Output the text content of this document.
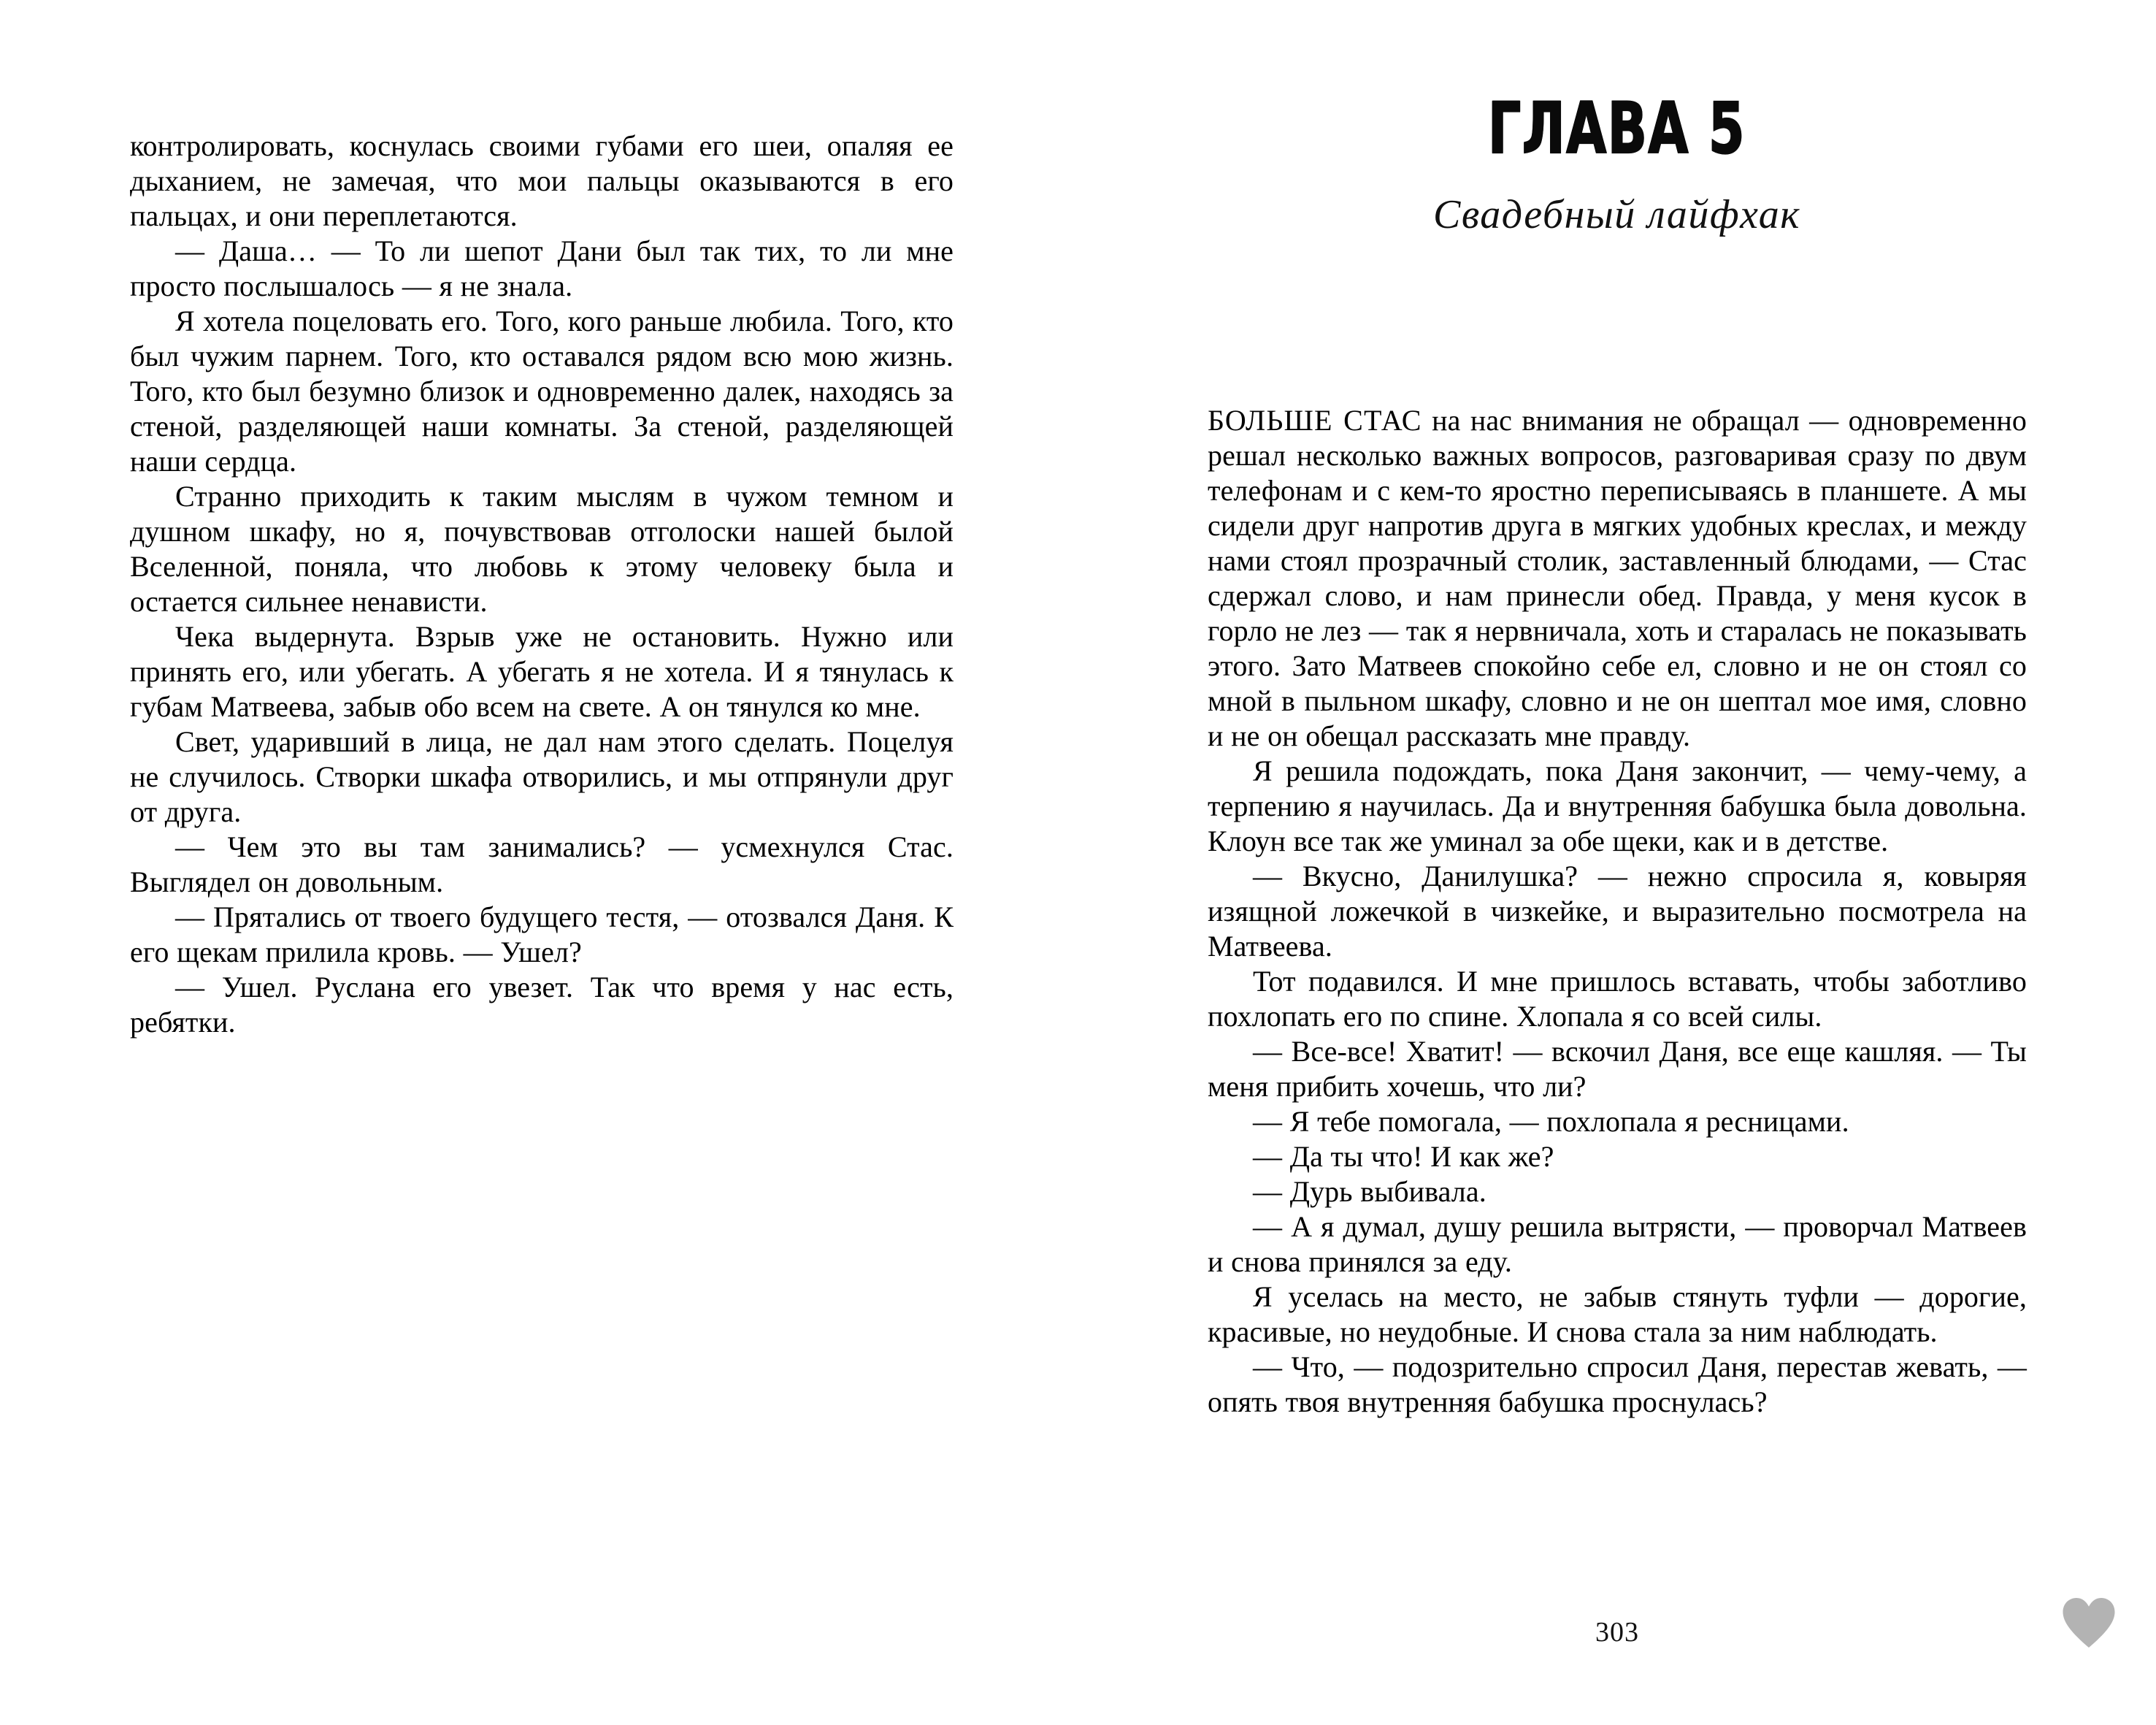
контролировать, коснулась своими губами его шеи, опаляя ее дыханием, не замечая, что мои пальцы оказываются в его пальцах, и они переплетаются.

— Даша… — То ли шепот Дани был так тих, то ли мне просто послышалось — я не знала.

Я хотела поцеловать его. Того, кого раньше любила. Того, кто был чужим парнем. Того, кто оставался рядом всю мою жизнь. Того, кто был безумно близок и одновременно далек, находясь за стеной, разделяющей наши комнаты. За стеной, разделяющей наши сердца.

Странно приходить к таким мыслям в чужом темном и душном шкафу, но я, почувствовав отголоски нашей былой Вселенной, поняла, что любовь к этому человеку была и остается сильнее ненависти.

Чека выдернута. Взрыв уже не остановить. Нужно или принять его, или убегать. А убегать я не хотела. И я тянулась к губам Матвеева, забыв обо всем на свете. А он тянулся ко мне.

Свет, ударивший в лица, не дал нам этого сделать. Поцелуя не случилось. Створки шкафа отворились, и мы отпрянули друг от друга.

— Чем это вы там занимались? — усмехнулся Стас. Выглядел он довольным.

— Прятались от твоего будущего тестя, — отозвался Даня. К его щекам прилила кровь. — Ушел?

— Ушел. Руслана его увезет. Так что время у нас есть, ребятки.

ГЛАВА 5
Свадебный лайфхак

БОЛЬШЕ СТАС на нас внимания не обращал — одновременно решал несколько важных вопросов, разговаривая сразу по двум телефонам и с кем-то яростно переписываясь в планшете. А мы сидели друг напротив друга в мягких удобных креслах, и между нами стоял прозрачный столик, заставленный блюдами, — Стас сдержал слово, и нам принесли обед. Правда, у меня кусок в горло не лез — так я нервничала, хоть и старалась не показывать этого. Зато Матвеев спокойно себе ел, словно и не он стоял со мной в пыльном шкафу, словно и не он шептал мое имя, словно и не он обещал рассказать мне правду.

Я решила подождать, пока Даня закончит, — чему-чему, а терпению я научилась. Да и внутренняя бабушка была довольна. Клоун все так же уминал за обе щеки, как и в детстве.

— Вкусно, Данилушка? — нежно спросила я, ковыряя изящной ложечкой в чизкейке, и выразительно посмотрела на Матвеева.

Тот подавился. И мне пришлось вставать, чтобы заботливо похлопать его по спине. Хлопала я со всей силы.

— Все-все! Хватит! — вскочил Даня, все еще кашляя. — Ты меня прибить хочешь, что ли?

— Я тебе помогала, — похлопала я ресницами.

— Да ты что! И как же?

— Дурь выбивала.

— А я думал, душу решила вытрясти, — проворчал Матвеев и снова принялся за еду.

Я уселась на место, не забыв стянуть туфли — дорогие, красивые, но неудобные. И снова стала за ним наблюдать.

— Что, — подозрительно спросил Даня, перестав жевать, — опять твоя внутренняя бабушка проснулась?

303
